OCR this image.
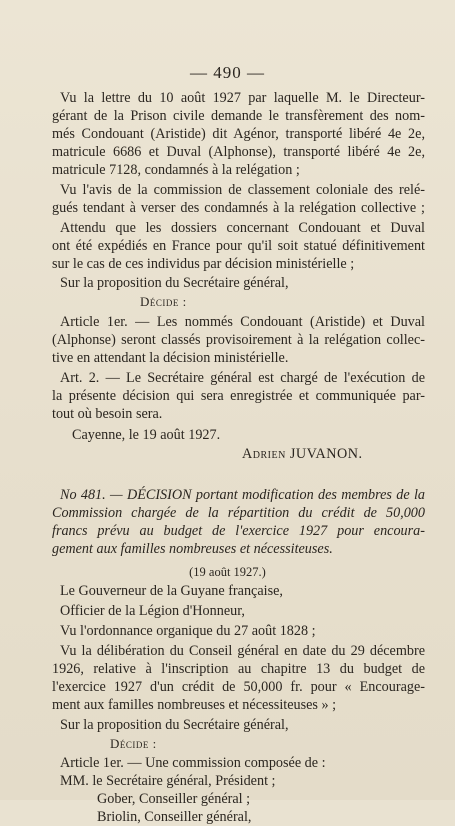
— 490 —
Vu la lettre du 10 août 1927 par laquelle M. le Directeur-
gérant de la Prison civile demande le transfèrement des nom-
més Condouant (Aristide) dit Agénor, transporté libéré 4e 2e,
matricule 6686 et Duval (Alphonse), transporté libéré 4e 2e,
matricule 7128, condamnés à la relégation ;
Vu l'avis de la commission de classement coloniale des relé-
gués tendant à verser des condamnés à la relégation collective ;
Attendu que les dossiers concernant Condouant et Duval
ont été expédiés en France pour qu'il soit statué définitivement
sur le cas de ces individus par décision ministérielle ;
Sur la proposition du Secrétaire général,
Décide :
Article 1er. — Les nommés Condouant (Aristide) et Duval
(Alphonse) seront classés provisoirement à la relégation collec-
tive en attendant la décision ministérielle.
Art. 2. — Le Secrétaire général est chargé de l'exécution de
la présente décision qui sera enregistrée et communiquée par-
tout où besoin sera.
Cayenne, le 19 août 1927.
Adrien JUVANON.
No 481. — DÉCISION portant modification des membres de la
Commission chargée de la répartition du crédit de 50,000
francs prévu au budget de l'exercice 1927 pour encoura-
gement aux familles nombreuses et nécessiteuses.
(19 août 1927.)
Le Gouverneur de la Guyane française,
Officier de la Légion d'Honneur,
Vu l'ordonnance organique du 27 août 1828 ;
Vu la délibération du Conseil général en date du 29 décembre
1926, relative à l'inscription au chapitre 13 du budget de
l'exercice 1927 d'un crédit de 50,000 fr. pour « Encourage-
ment aux familles nombreuses et nécessiteuses » ;
Sur la proposition du Secrétaire général,
Décide :
Article 1er. — Une commission composée de :
MM. le Secrétaire général, Président ;
Gober, Conseiller général ;
Briolin, Conseiller général,
